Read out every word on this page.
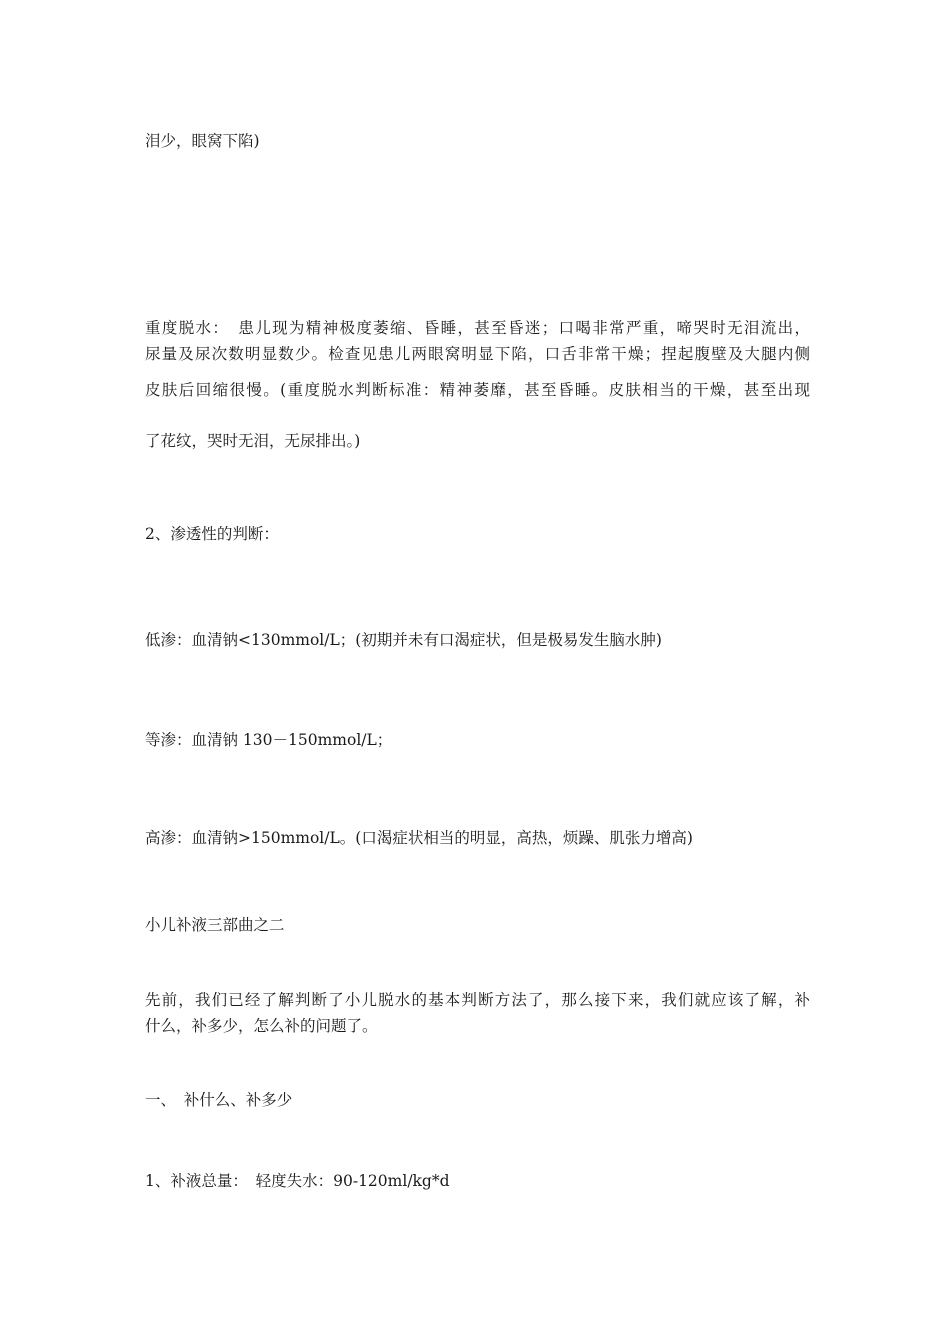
泪少，眼窝下陷)
重度脱水：　患儿现为精神极度萎缩、昏睡，甚至昏迷；口喝非常严重，啼哭时无泪流出，
尿量及尿次数明显数少。检查见患儿两眼窝明显下陷，口舌非常干燥；捏起腹壁及大腿内侧
皮肤后回缩很慢。(重度脱水判断标准：精神萎靡，甚至昏睡。皮肤相当的干燥，甚至出现
了花纹，哭时无泪，无尿排出。)
2、渗透性的判断：
低渗：血清钠<130mmol/L；(初期并未有口渴症状，但是极易发生脑水肿)
等渗：血清钠 130－150mmol/L；
高渗：血清钠>150mmol/L。(口渴症状相当的明显，高热，烦躁、肌张力增高)
小儿补液三部曲之二
先前，我们已经了解判断了小儿脱水的基本判断方法了，那么接下来，我们就应该了解，补
什么，补多少，怎么补的问题了。
一、　补什么、补多少
1、补液总量：　轻度失水：90-120ml/kg*d
